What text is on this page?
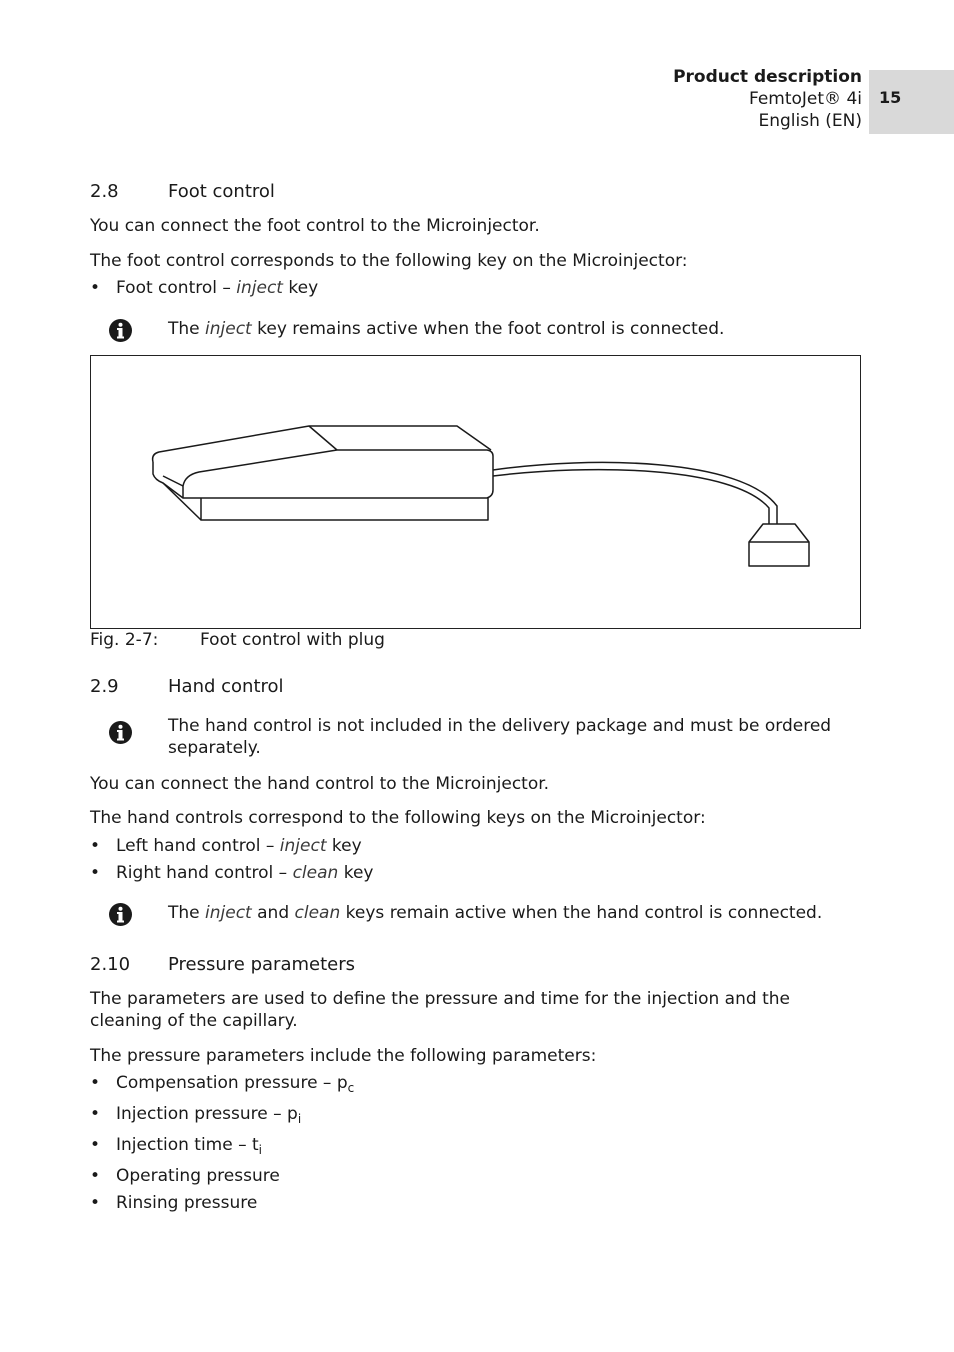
Product description
FemtoJet® 4i
English (EN)
15
2.8	Foot control
You can connect the foot control to the Microinjector.
The foot control corresponds to the following key on the Microinjector:
• Foot control – inject key
The inject key remains active when the foot control is connected.
Fig. 2-7: Foot control with plug
2.9	Hand control
The hand control is not included in the delivery package and must be ordered separately.
You can connect the hand control to the Microinjector.
The hand controls correspond to the following keys on the Microinjector:
• Left hand control – inject key
• Right hand control – clean key
The inject and clean keys remain active when the hand control is connected.
2.10 Pressure parameters
The parameters are used to define the pressure and time for the injection and the cleaning of the capillary.
The pressure parameters include the following parameters:
• Compensation pressure – $p_c$
• Injection pressure – $p_i$
• Injection time – $t_i$
• Operating pressure
• Rinsing pressure
